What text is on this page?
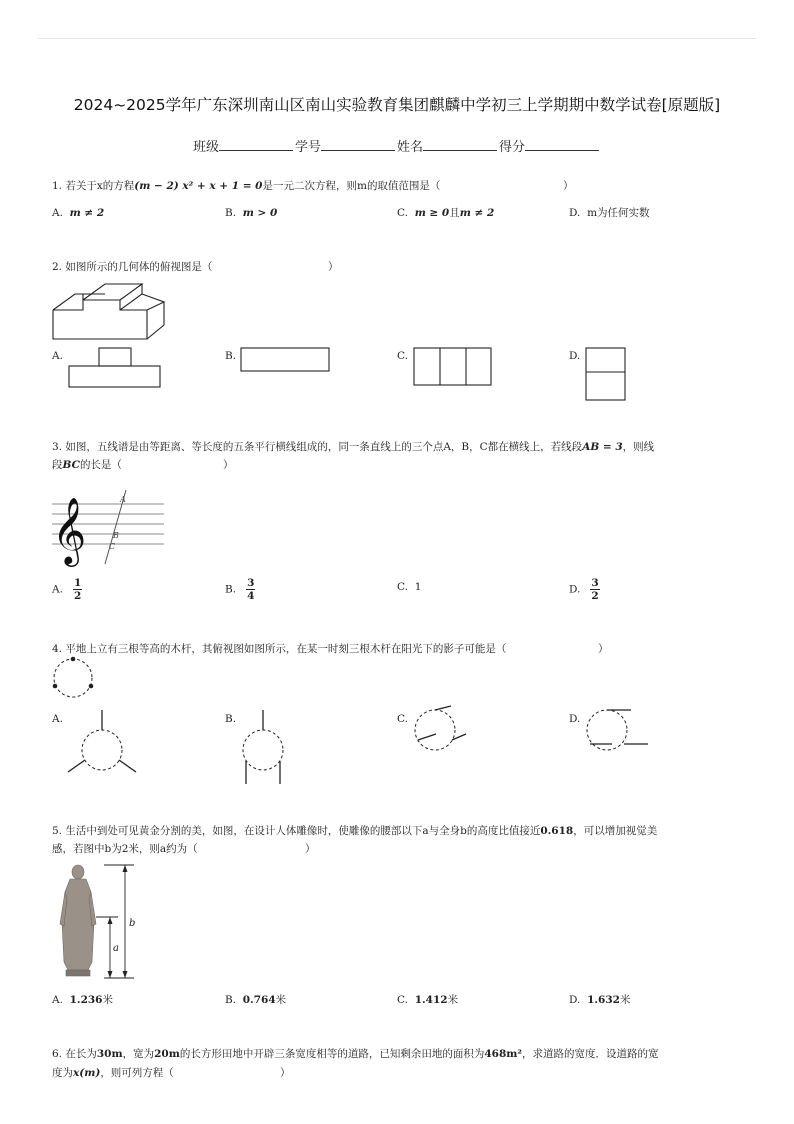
2024~2025学年广东深圳南山区南山实验教育集团麒麟中学初三上学期期中数学试卷[原题版]
班级	学号	姓名	得分
1. 若关于x的方程(m − 2) x² + x + 1 = 0是一元二次方程，则m的取值范围是（	）
A. m ≠ 2	B. m > 0	C. m ≥ 0且m ≠ 2	D. m为任何实数
2. 如图所示的几何体的俯视图是（	）
A.	B.	C.	D.
3. 如图，五线谱是由等距离、等长度的五条平行横线组成的，同一条直线上的三个点A，B，C都在横线上，若线段AB = 3，则线
段BC的长是（	）
𝄞	A
B
C
A. $\frac{1}{2}$	B. $\frac{3}{4}$	C. 1	D. $\frac{3}{2}$
4. 平地上立有三根等高的木杆，其俯视图如图所示，在某一时刻三根木杆在阳光下的影子可能是（	）
A.	B.	C.	D.
5. 生活中到处可见黄金分割的美，如图，在设计人体雕像时，使雕像的腰部以下a与全身b的高度比值接近0.618，可以增加视觉美
感，若图中b为2米，则a约为（	）
b
a
A. 1.236米	B. 0.764米	C. 1.412米	D. 1.632米
6. 在长为30m，宽为20m的长方形田地中开辟三条宽度相等的道路，已知剩余田地的面积为468m²，求道路的宽度．设道路的宽
度为x(m)，则可列方程（	）
